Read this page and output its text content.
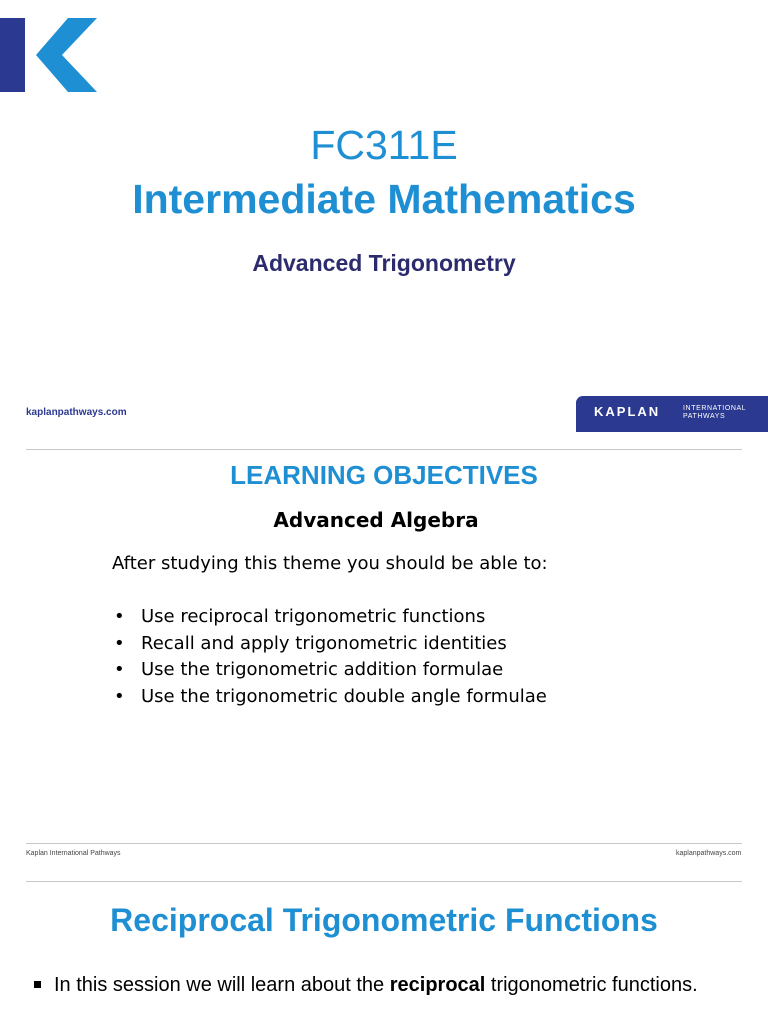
FC311E
Intermediate Mathematics
Advanced Trigonometry
kaplanpathways.com	KAPLAN	INTERNATIONAL
PATHWAYS
LEARNING OBJECTIVES
Advanced Algebra
After studying this theme you should be able to:
• Use reciprocal trigonometric functions
• Recall and apply trigonometric identities
• Use the trigonometric addition formulae
• Use the trigonometric double angle formulae
Kaplan International Pathways	kaplanpathways.com
Reciprocal Trigonometric Functions
In this session we will learn about the reciprocal trigonometric functions.
